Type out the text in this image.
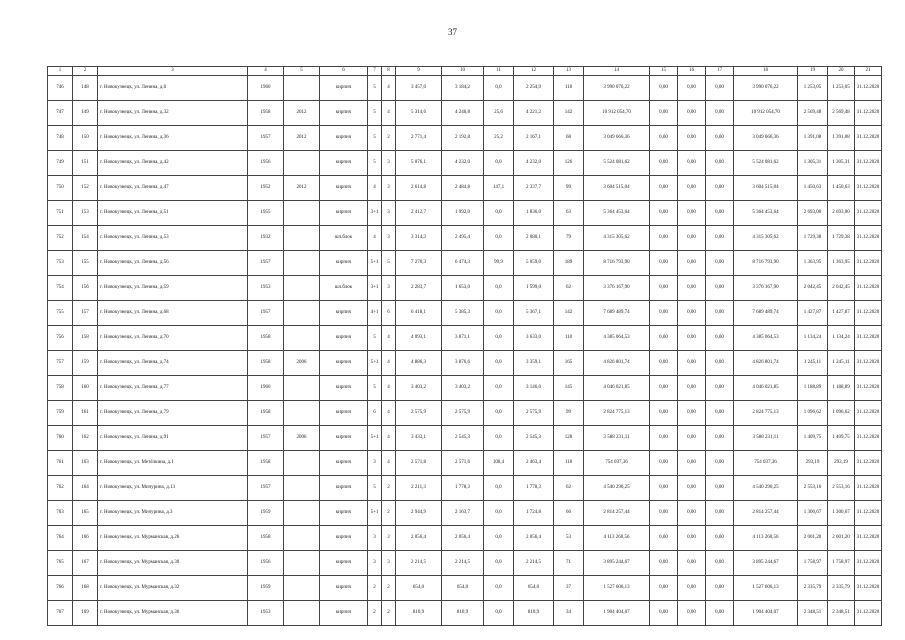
37
1	2	3	4	5	6	7	8	9	10	11	12	13	14	15	16	17	18	19	20	21
746	148	г. Новокузнецк, ул. Ленина, д.6	1960		кирпич	5	4	3 457,0	3 184,2	0,0	2 254,9	118	3 990 076,22	0,00	0,00	0,00	3 990 076,22	1 253,05	1 253,05	31.12.2020
747	149	г. Новокузнецк, ул. Ленина, д.32	1958	2012	кирпич	5	4	5 314,6	4 246,8	25,6	4 221,2	142	10 912 054,70	0,00	0,00	0,00	10 912 054,70	2 569,48	2 569,48	31.12.2020
748	150	г. Новокузнецк, ул. Ленина, д.36	1957	2012	кирпич	5	2	2 771,4	2 192,8	25,2	2 167,1	68	3 049 666,36	0,00	0,00	0,00	3 049 666,36	1 391,08	1 391,08	31.12.2020
749	151	г. Новокузнецк, ул. Ленина, д.42	1956		кирпич	5	3	5 076,1	4 232,0	0,0	4 232,0	126	5 524 081,62	0,00	0,00	0,00	5 524 081,62	1 305,31	1 305,31	31.12.2020
750	152	г. Новокузнецк, ул. Ленина, д.47	1952	2012	кирпич	4	3	2 614,8	2 484,8	147,1	2 337,7	99	3 604 515,04	0,00	0,00	0,00	3 604 515,04	1 450,63	1 450,63	31.12.2020
751	153	г. Новокузнецк, ул. Ленина, д.51	1955		кирпич	3+1	3	2 412,7	1 992,0	0,0	1 836,0	63	5 364 453,64	0,00	0,00	0,00	5 364 453,64	2 693,00	2 693,00	31.12.2020
752	154	г. Новокузнецк, ул. Ленина, д.53	1932		шл.блок	4	3	3 314,3	2 495,4	0,0	2 080,1	79	4 315 305,62	0,00	0,00	0,00	4 315 305,62	1 729,38	1 729,38	31.12.2020
753	155	г. Новокузнецк, ул. Ленина, д.56	1957		кирпич	5+1	5	7 270,3	6 474,3	99,9	5 059,0	189	8 716 793,90	0,00	0,00	0,00	8 716 793,90	1 363,95	1 363,95	31.12.2020
754	156	г. Новокузнецк, ул. Ленина, д.59	1953		шл.блок	3+1	3	2 283,7	1 653,0	0,0	1 599,0	62	3 376 167,90	0,00	0,00	0,00	3 376 167,90	2 042,45	2 042,45	31.12.2020
755	157	г. Новокузнецк, ул. Ленина, д.68	1957		кирпич	4+1	6	6 418,1	5 385,3	0,0	5 367,1	142	7 689 489,74	0,00	0,00	0,00	7 689 489,74	1 427,87	1 427,87	31.12.2020
756	158	г. Новокузнецк, ул. Ленина, д.70	1958		кирпич	5	4	4 093,1	3 871,1	0,0	3 633,0	110	4 385 064,53	0,00	0,00	0,00	4 385 064,53	1 134,24	1 134,24	31.12.2020
757	159	г. Новокузнецк, ул. Ленина, д.74	1958	2006	кирпич	5+1	4	4 886,3	3 876,6	0,0	3 359,1	165	4 826 801,74	0,00	0,00	0,00	4 826 801,74	1 245,11	1 245,11	31.12.2020
758	160	г. Новокузнецк, ул. Ленина, д.77	1960		кирпич	5	4	3 403,2	3 403,2	0,0	3 146,0	145	4 046 021,85	0,00	0,00	0,00	4 046 021,85	1 188,89	1 188,89	31.12.2020
759	161	г. Новокузнецк, ул. Ленина, д.79	1958		кирпич	6	4	2 575,9	2 575,9	0,0	2 575,9	99	2 824 775,13	0,00	0,00	0,00	2 824 775,13	1 096,62	1 096,62	31.12.2020
760	162	г. Новокузнецк, ул. Ленина, д.91	1957	2006	кирпич	5+1	4	3 433,1	2 545,3	0,0	2 545,3	128	3 588 231,11	0,00	0,00	0,00	3 588 231,11	1 409,75	1 409,75	31.12.2020
761	163	г. Новокузнецк, ул. Метёлкина, д.1	1958		кирпич	3	4	2 571,8	2 571,6	108,4	2 463,4	118	754 037,36	0,00	0,00	0,00	754 037,36	293,19	293,19	31.12.2020
762	164	г. Новокузнецк, ул. Мичурина, д.13	1957		кирпич	5	2	2 211,3	1 778,3	0,0	1 778,3	62	4 540 290,25	0,00	0,00	0,00	4 540 290,25	2 553,16	2 553,16	31.12.2020
763	165	г. Новокузнецк, ул. Мичурина, д.3	1959		кирпич	5+1	2	2 944,9	2 163,7	0,0	1 724,8	66	2 814 257,44	0,00	0,00	0,00	2 814 257,44	1 300,67	1 300,67	31.12.2020
764	166	г. Новокузнецк, ул. Мурманская, д.26	1958		кирпич	3	3	2 056,4	2 056,4	0,0	2 056,4	53	4 113 260,56	0,00	0,00	0,00	4 113 260,56	2 001,20	2 001,20	31.12.2020
765	167	г. Новокузнецк, ул. Мурманская, д.30	1956		кирпич	3	3	2 214,5	2 214,5	0,0	2 214,5	71	3 895 244,67	0,00	0,00	0,00	3 895 244,67	1 758,97	1 758,97	31.12.2020
766	168	г. Новокузнецк, ул. Мурманская, д.32	1959		кирпич	2	2	654,0	654,0	0,0	654,0	37	1 527 606,13	0,00	0,00	0,00	1 527 606,13	2 335,79	2 335,79	31.12.2020
767	169	г. Новокузнецк, ул. Мурманская, д.36	1953		кирпич	2	2	810,9	810,9	0,0	810,9	34	1 904 404,07	0,00	0,00	0,00	1 904 404,07	2 348,51	2 348,51	31.12.2020
